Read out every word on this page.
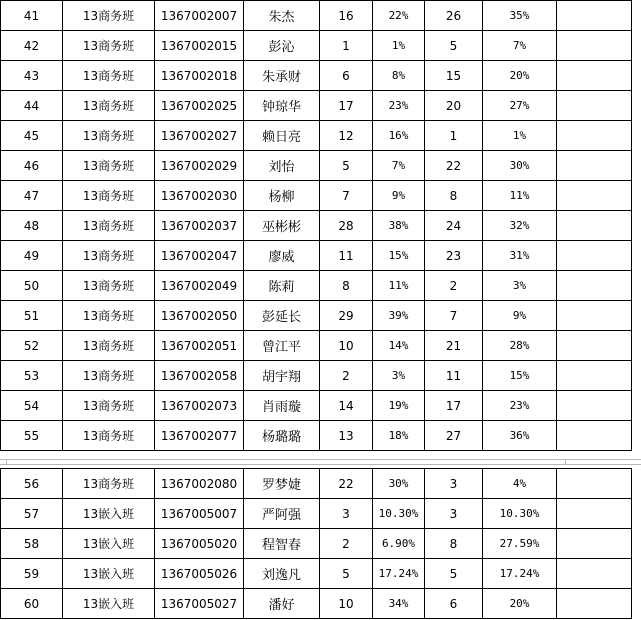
41	13商务班	1367002007	朱杰	16	22%	26	35%	
42	13商务班	1367002015	彭沁	1	1%	5	7%	
43	13商务班	1367002018	朱承财	6	8%	15	20%	
44	13商务班	1367002025	钟琼华	17	23%	20	27%	
45	13商务班	1367002027	赖日亮	12	16%	1	1%	
46	13商务班	1367002029	刘怡	5	7%	22	30%	
47	13商务班	1367002030	杨柳	7	9%	8	11%	
48	13商务班	1367002037	巫彬彬	28	38%	24	32%	
49	13商务班	1367002047	廖威	11	15%	23	31%	
50	13商务班	1367002049	陈莉	8	11%	2	3%	
51	13商务班	1367002050	彭延长	29	39%	7	9%	
52	13商务班	1367002051	曾江平	10	14%	21	28%	
53	13商务班	1367002058	胡宇翔	2	3%	11	15%	
54	13商务班	1367002073	肖雨璇	14	19%	17	23%	
55	13商务班	1367002077	杨璐璐	13	18%	27	36%	
56	13商务班	1367002080	罗梦婕	22	30%	3	4%	
57	13嵌入班	1367005007	严阿强	3	10.30%	3	10.30%	
58	13嵌入班	1367005020	程智春	2	6.90%	8	27.59%	
59	13嵌入班	1367005026	刘逸凡	5	17.24%	5	17.24%	
60	13嵌入班	1367005027	潘好	10	34%	6	20%	
